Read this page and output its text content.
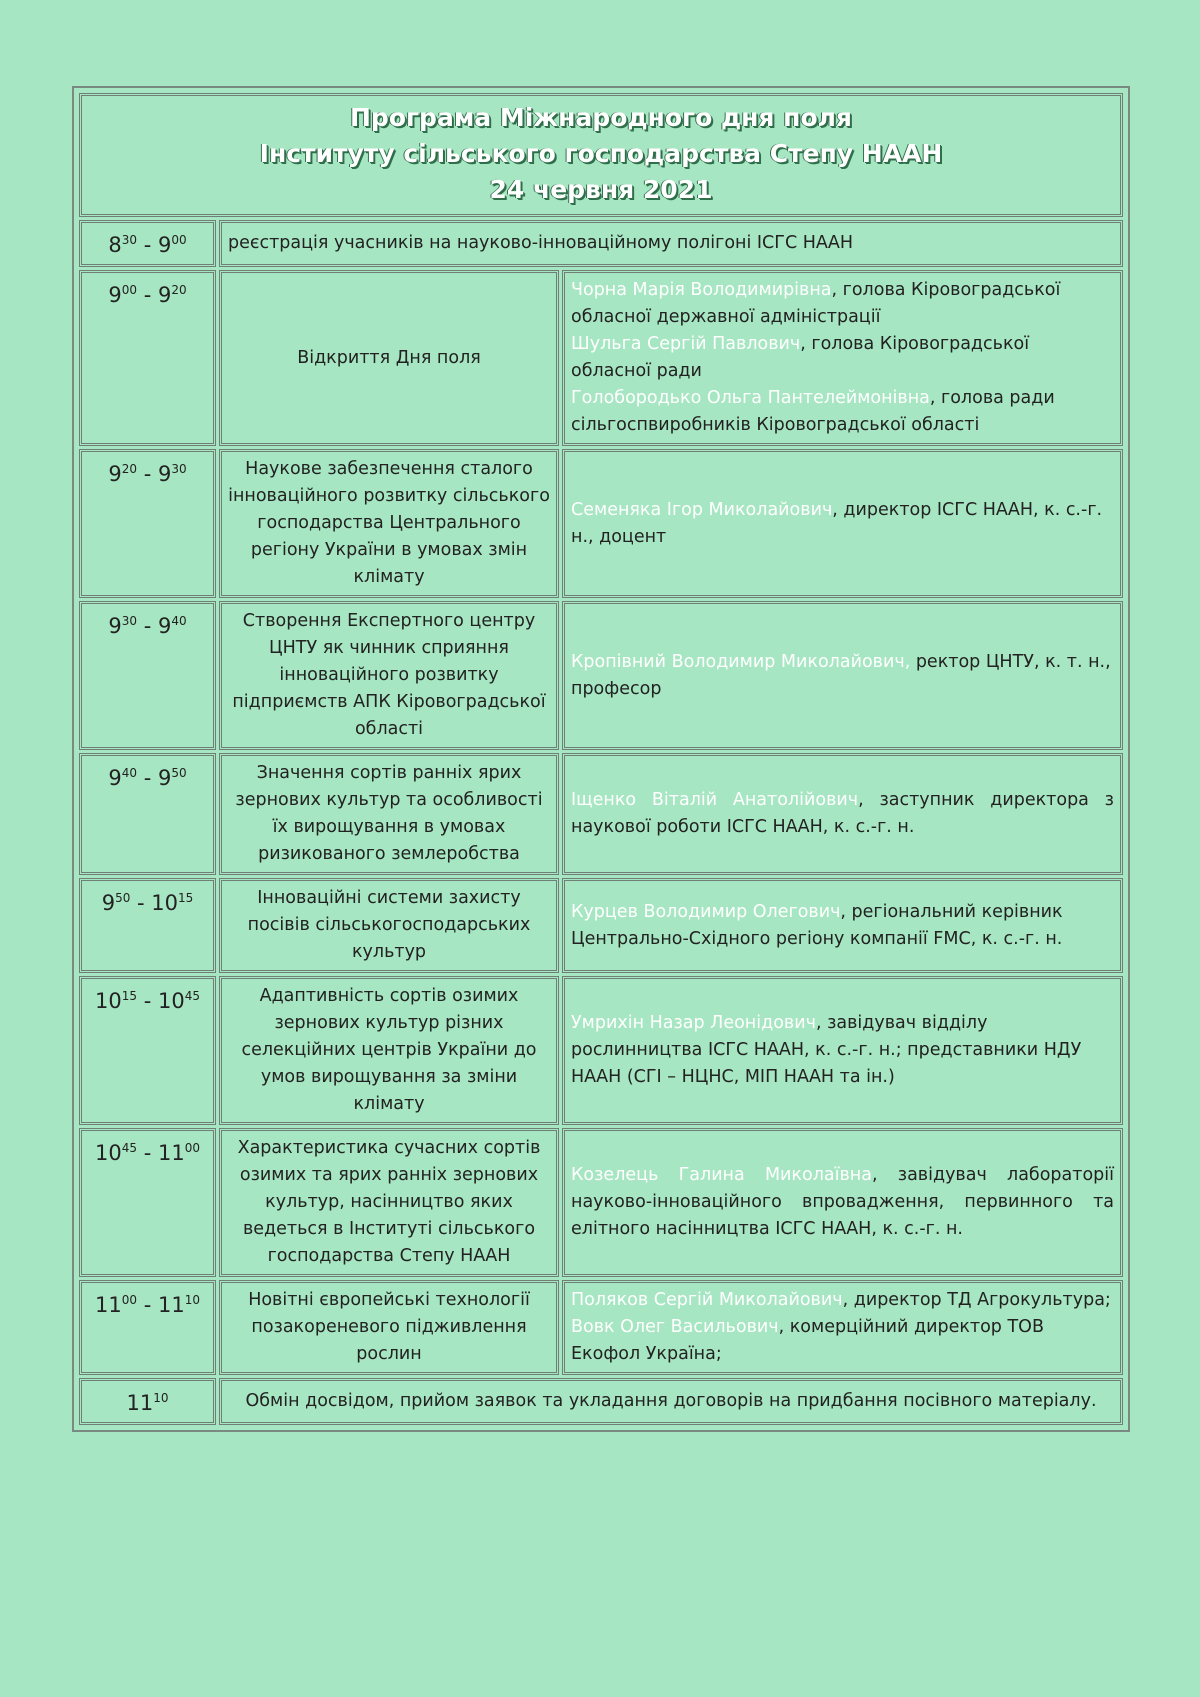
Програма Міжнародного дня поля
Інституту сільського господарства Степу НААН
24 червня 2021		

$8^{30} - 9^{00}$	реєстрація учасників на науково-інноваційному полігоні ІСГС НААН	
$9^{00} - 9^{20}$	Відкриття Дня поля	Чорна Марія Володимирівна, голова Кіровоградської обласної державної адміністрації
Шульга Сергій Павлович, голова Кіровоградської обласної ради
Голобородько Ольга Пантелеймонівна, голова ради сільгоспвиробників Кіровоградської області

$9^{20} - 9^{30}$	Наукове забезпечення сталого інноваційного розвитку сільського господарства Центрального регіону України в умовах змін клімату	Семеняка Ігор Миколайович, директор ІСГС НААН, к. с.-г. н., доцент

$9^{30} - 9^{40}$	Створення Експертного центру ЦНТУ як чинник сприяння інноваційного розвитку підприємств АПК Кіровоградської області	Кропівний Володимир Миколайович, ректор ЦНТУ, к. т. н., професор

$9^{40} - 9^{50}$	Значення сортів ранніх ярих зернових культур та особливості їх вирощування в умовах ризикованого землеробства	Іщенко Віталій Анатолійович, заступник директора з наукової роботи ІСГС НААН, к. с.-г. н.

$9^{50} - 10^{15}$	Інноваційні системи захисту посівів сільськогосподарських культур	Курцев Володимир Олегович, регіональний керівник Центрально-Східного регіону компанії FMC, к. с.-г. н.

$10^{15} - 10^{45}$	Адаптивність сортів озимих зернових культур різних селекційних центрів України до умов вирощування за зміни клімату	Умрихін Назар Леонідович, завідувач відділу рослинництва ІСГС НААН, к. с.-г. н.; представники НДУ НААН (СГІ – НЦНС, МІП НААН та ін.)

$10^{45} - 11^{00}$	Характеристика сучасних сортів озимих та ярих ранніх зернових культур, насінництво яких ведеться в Інституті сільського господарства Степу НААН	Козелець Галина Миколаївна, завідувач лабораторії науково-інноваційного впровадження, первинного та елітного насінництва ІСГС НААН, к. с.-г. н.

$11^{00} - 11^{10}$	Новітні європейські технології позакореневого підживлення рослин	Поляков Сергій Миколайович, директор ТД Агрокультура;
Вовк Олег Васильович, комерційний директор ТОВ Екофол Україна;

$11^{10}$	Обмін досвідом, прийом заявок та укладання договорів на придбання посівного матеріалу.	
